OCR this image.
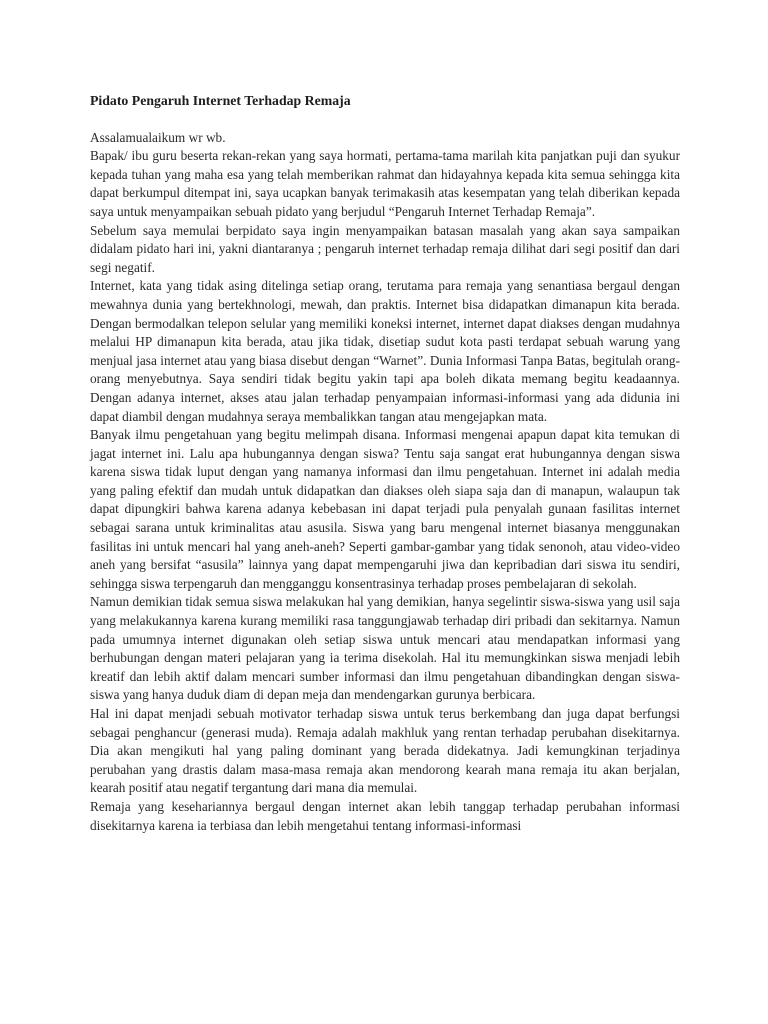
Pidato Pengaruh Internet Terhadap Remaja

Assalamualaikum wr wb.

Bapak/ ibu guru beserta rekan-rekan yang saya hormati, pertama-tama marilah kita panjatkan puji dan syukur kepada tuhan yang maha esa yang telah memberikan rahmat dan hidayahnya kepada kita semua sehingga kita dapat berkumpul ditempat ini, saya ucapkan banyak terimakasih atas kesempatan yang telah diberikan kepada saya untuk menyampaikan sebuah pidato yang berjudul “Pengaruh Internet Terhadap Remaja”.

Sebelum saya memulai berpidato saya ingin menyampaikan batasan masalah yang akan saya sampaikan didalam pidato hari ini, yakni diantaranya ; pengaruh internet terhadap remaja dilihat dari segi positif dan dari segi negatif.

Internet, kata yang tidak asing ditelinga setiap orang, terutama para remaja yang senantiasa bergaul dengan mewahnya dunia yang bertekhnologi, mewah, dan praktis. Internet bisa didapatkan dimanapun kita berada. Dengan bermodalkan telepon selular yang memiliki koneksi internet, internet dapat diakses dengan mudahnya melalui HP dimanapun kita berada, atau jika tidak, disetiap sudut kota pasti terdapat sebuah warung yang menjual jasa internet atau yang biasa disebut dengan “Warnet”. Dunia Informasi Tanpa Batas, begitulah orang-orang menyebutnya. Saya sendiri tidak begitu yakin tapi apa boleh dikata memang begitu keadaannya. Dengan adanya internet, akses atau jalan terhadap penyampaian informasi-informasi yang ada diduniа ini dapat diambil dengan mudahnya seraya membalikkan tangan atau mengejapkan mata.

Banyak ilmu pengetahuan yang begitu melimpah disana. Informasi mengenai apapun dapat kita temukan di jagat internet ini. Lalu apa hubungannya dengan siswa? Tentu saja sangat erat hubungannya dengan siswa karena siswa tidak luput dengan yang namanya informasi dan ilmu pengetahuan. Internet ini adalah media yang paling efektif dan mudah untuk didapatkan dan diakses oleh siapa saja dan di manapun, walaupun tak dapat dipungkiri bahwa karena adanya kebebasan ini dapat terjadi pula penyalah gunaan fasilitas internet sebagai sarana untuk kriminalitas atau asusila. Siswa yang baru mengenal internet biasanya menggunakan fasilitas ini untuk mencari hal yang aneh-aneh? Seperti gambar-gambar yang tidak senonoh, atau video-video aneh yang bersifat “asusila” lainnya yang dapat mempengaruhi jiwa dan kepribadian dari siswa itu sendiri, sehingga siswa terpengaruh dan mengganggu konsentrasinya terhadap proses pembelajaran di sekolah.

Namun demikian tidak semua siswa melakukan hal yang demikian, hanya segelintir siswa-siswa yang usil saja yang melakukannya karena kurang memiliki rasa tanggungjawab terhadap diri pribadi dan sekitarnya. Namun pada umumnya internet digunakan oleh setiap siswa untuk mencari atau mendapatkan informasi yang berhubungan dengan materi pelajaran yang ia terima disekolah. Hal itu memungkinkan siswa menjadi lebih kreatif dan lebih aktif dalam mencari sumber informasi dan ilmu pengetahuan dibandingkan dengan siswa-siswa yang hanya duduk diam di depan meja dan mendengarkan gurunya berbicara.

Hal ini dapat menjadi sebuah motivator terhadap siswa untuk terus berkembang dan juga dapat berfungsi sebagai penghancur (generasi muda). Remaja adalah makhluk yang rentan terhadap perubahan disekitarnya. Dia akan mengikuti hal yang paling dominant yang berada didekatnya. Jadi kemungkinan terjadinya perubahan yang drastis dalam masa-masa remaja akan mendorong kearah mana remaja itu akan berjalan, kearah positif atau negatif tergantung dari mana dia memulai.

Remaja yang kesehariannya bergaul dengan internet akan lebih tanggap terhadap perubahan informasi disekitarnya karena ia terbiasa dan lebih mengetahui tentang informasi-informasi
